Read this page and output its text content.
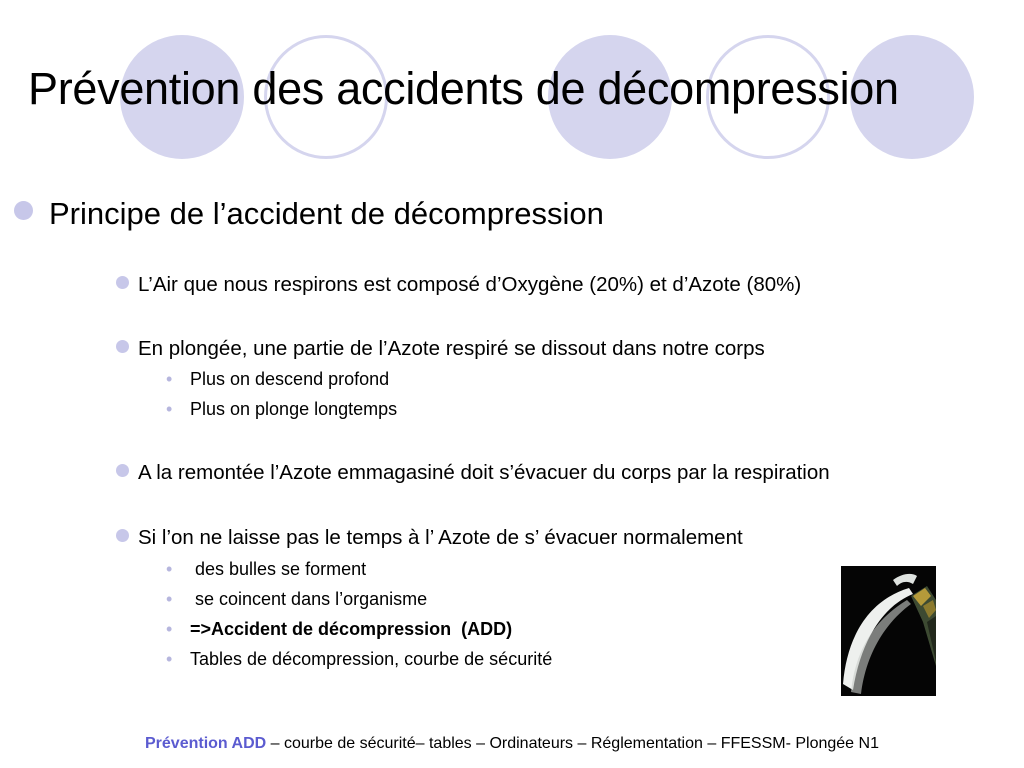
Prévention des accidents de décompression
Principe de l’accident de décompression
L’Air que nous respirons est composé d’Oxygène (20%) et d’Azote (80%)
En plongée, une partie de l’Azote respiré se dissout dans notre corps
• Plus on descend profond
• Plus on plonge longtemps
A la remontée l’Azote emmagasiné doit s’évacuer du corps par la respiration
Si l’on ne laisse pas le temps à l’ Azote de s’ évacuer normalement
• des bulles se forment
• se coincent dans l’organisme
• =>Accident de décompression  (ADD)
• Tables de décompression, courbe de sécurité
Prévention ADD – courbe de sécurité– tables – Ordinateurs – Réglementation – FFESSM- Plongée N1
